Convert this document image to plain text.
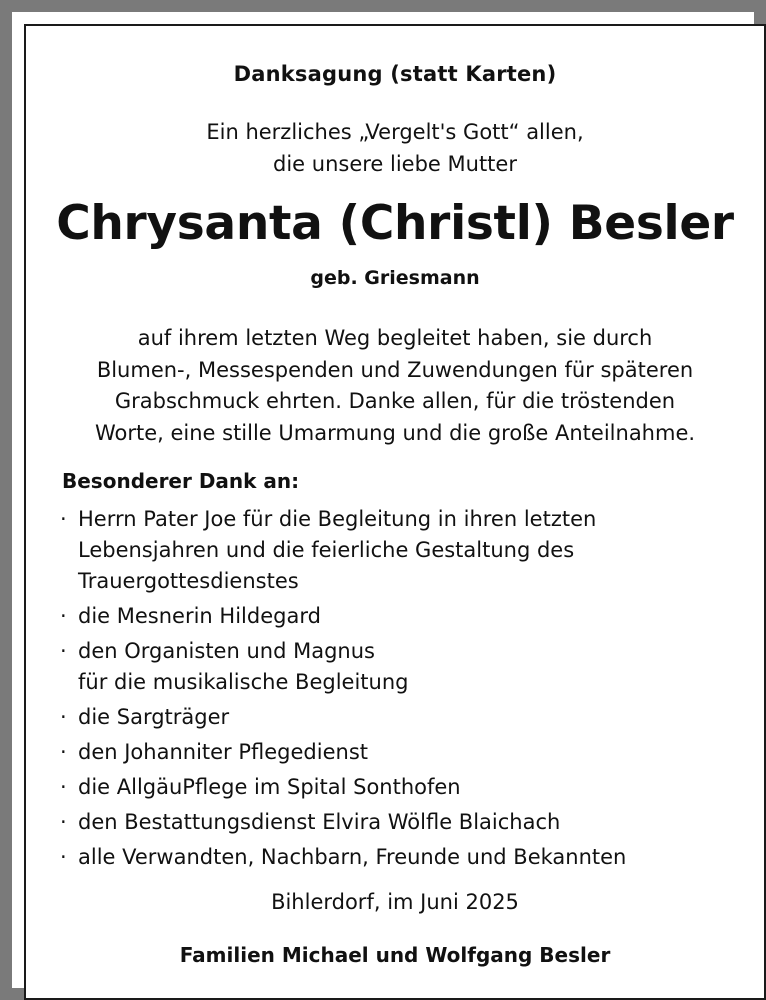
Danksagung (statt Karten)
Ein herzliches „Vergelt's Gott“ allen,
die unsere liebe Mutter
Chrysanta (Christl) Besler
geb. Griesmann
auf ihrem letzten Weg begleitet haben, sie durch
Blumen-, Messespenden und Zuwendungen für späteren
Grabschmuck ehrten. Danke allen, für die tröstenden
Worte, eine stille Umarmung und die große Anteilnahme.
Besonderer Dank an:
· Herrn Pater Joe für die Begleitung in ihren letzten
Lebensjahren und die feierliche Gestaltung des
Trauergottesdienstes
· die Mesnerin Hildegard
· den Organisten und Magnus
für die musikalische Begleitung
· die Sargträger
· den Johanniter Pflegedienst
· die AllgäuPflege im Spital Sonthofen
· den Bestattungsdienst Elvira Wölfle Blaichach
· alle Verwandten, Nachbarn, Freunde und Bekannten
Bihlerdorf, im Juni 2025
Familien Michael und Wolfgang Besler
